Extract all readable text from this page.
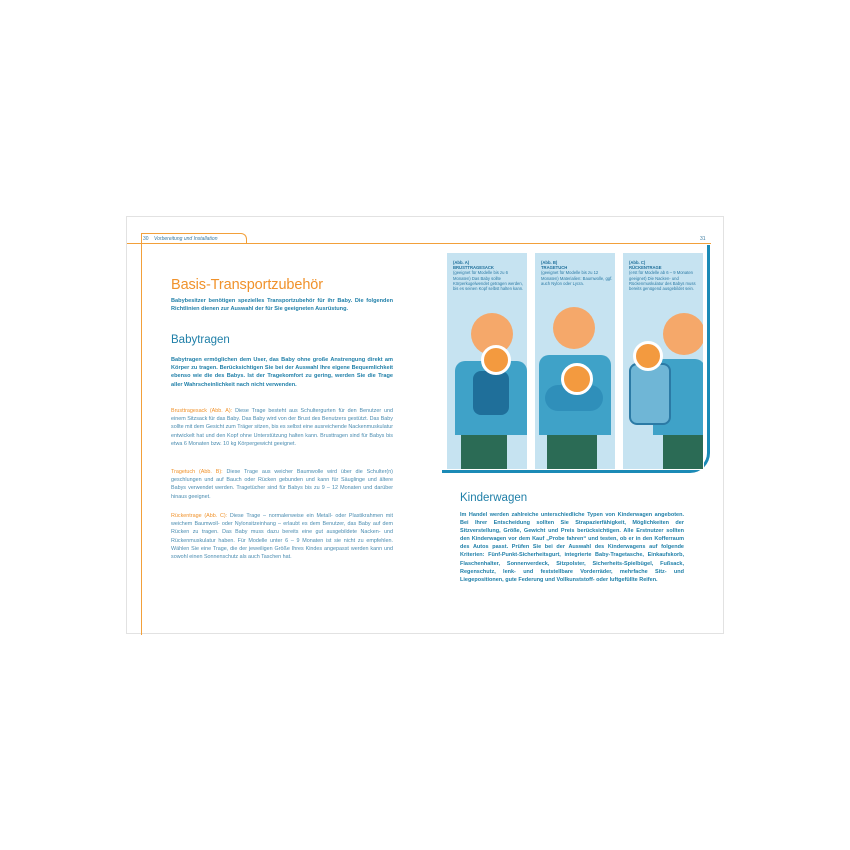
30 Vorbereitung und Installation
Basis-Transportzubehör
Babybesitzer benötigen spezielles Transportzubehör für ihr Baby. Die folgenden Richtlinien dienen zur Auswahl der für Sie geeigneten Ausrüstung.
Babytragen
Babytragen ermöglichen dem User, das Baby ohne große Anstrengung direkt am Körper zu tragen. Berücksichtigen Sie bei der Auswahl Ihre eigene Bequemlichkeit ebenso wie die des Babys. Ist der Tragekomfort zu gering, werden Sie die Trage aller Wahrscheinlichkeit nach nicht verwenden.
Brusttragesack (Abb. A): Diese Trage besteht aus Schultergurten für den Benutzer und einem Sitzsack für das Baby. Das Baby wird von der Brust des Benutzers gestützt. Das Baby sollte mit dem Gesicht zum Träger sitzen, bis es selbst eine ausreichende Nackenmuskulatur entwickelt hat und den Kopf ohne Unterstützung halten kann. Brusttragen sind für Babys bis etwa 6 Monaten bzw. 10 kg Körpergewicht geeignet.
Tragetuch (Abb. B): Diese Trage aus weicher Baumwolle wird über die Schulter(n) geschlungen und auf Bauch oder Rücken gebunden und kann für Säuglinge und ältere Babys verwendet werden. Tragetücher sind für Babys bis zu 9 – 12 Monaten und darüber hinaus geeignet.
Rückentrage (Abb. C): Diese Trage – normalerweise ein Metall- oder Plastikrahmen mit weichem Baumwoll- oder Nylonsitzeinhang – erlaubt es dem Benutzer, das Baby auf dem Rücken zu tragen. Das Baby muss dazu bereits eine gut ausgebildete Nacken- und Rückenmuskulatur haben. Für Modelle unter 6 – 9 Monaten ist sie nicht zu empfehlen. Wählen Sie eine Trage, die der jeweiligen Größe Ihres Kindes angepasst werden kann und sowohl einen Sonnenschutz als auch Taschen hat.
31
(Abb. A)
BRUSTTRAGESACK
(geeignet für Modelle bis zu 6 Monaten) Das Baby sollte Körperkugelwendet getragen werden, bis es seinen Kopf selbst halten kann.
(Abb. B)
TRAGETUCH
(geeignet für Modelle bis zu 12 Monaten) Materialien: Baumwolle, ggf. auch Nylon oder Lycra.
(Abb. C)
RÜCKENTRAGE
(erst für Modelle ab 6 – 9 Monaten geeignet) Die Nacken- und Rückenmuskulatur des Babys muss bereits genügend ausgebildet sein.
Kinderwagen
Im Handel werden zahlreiche unterschiedliche Typen von Kinderwagen angeboten. Bei Ihrer Entscheidung sollten Sie Strapazierfähigkeit, Möglichkeiten der Sitzverstellung, Größe, Gewicht und Preis berücksichtigen. Alle Erstnutzer sollten den Kinderwagen vor dem Kauf „Probe fahren“ und testen, ob er in den Kofferraum des Autos passt. Prüfen Sie bei der Auswahl des Kinderwagens auf folgende Kriterien: Fünf-Punkt-Sicherheitsgurt, integrierte Baby-Tragetasche, Einkaufskorb, Flaschenhalter, Sonnenverdeck, Sitzpolster, Sicherheits-Spielbügel, Fußsack, Regenschutz, lenk- und feststellbare Vorderräder, mehrfache Sitz- und Liegepositionen, gute Federung und Vollkunststoff- oder luftgefüllte Reifen.
